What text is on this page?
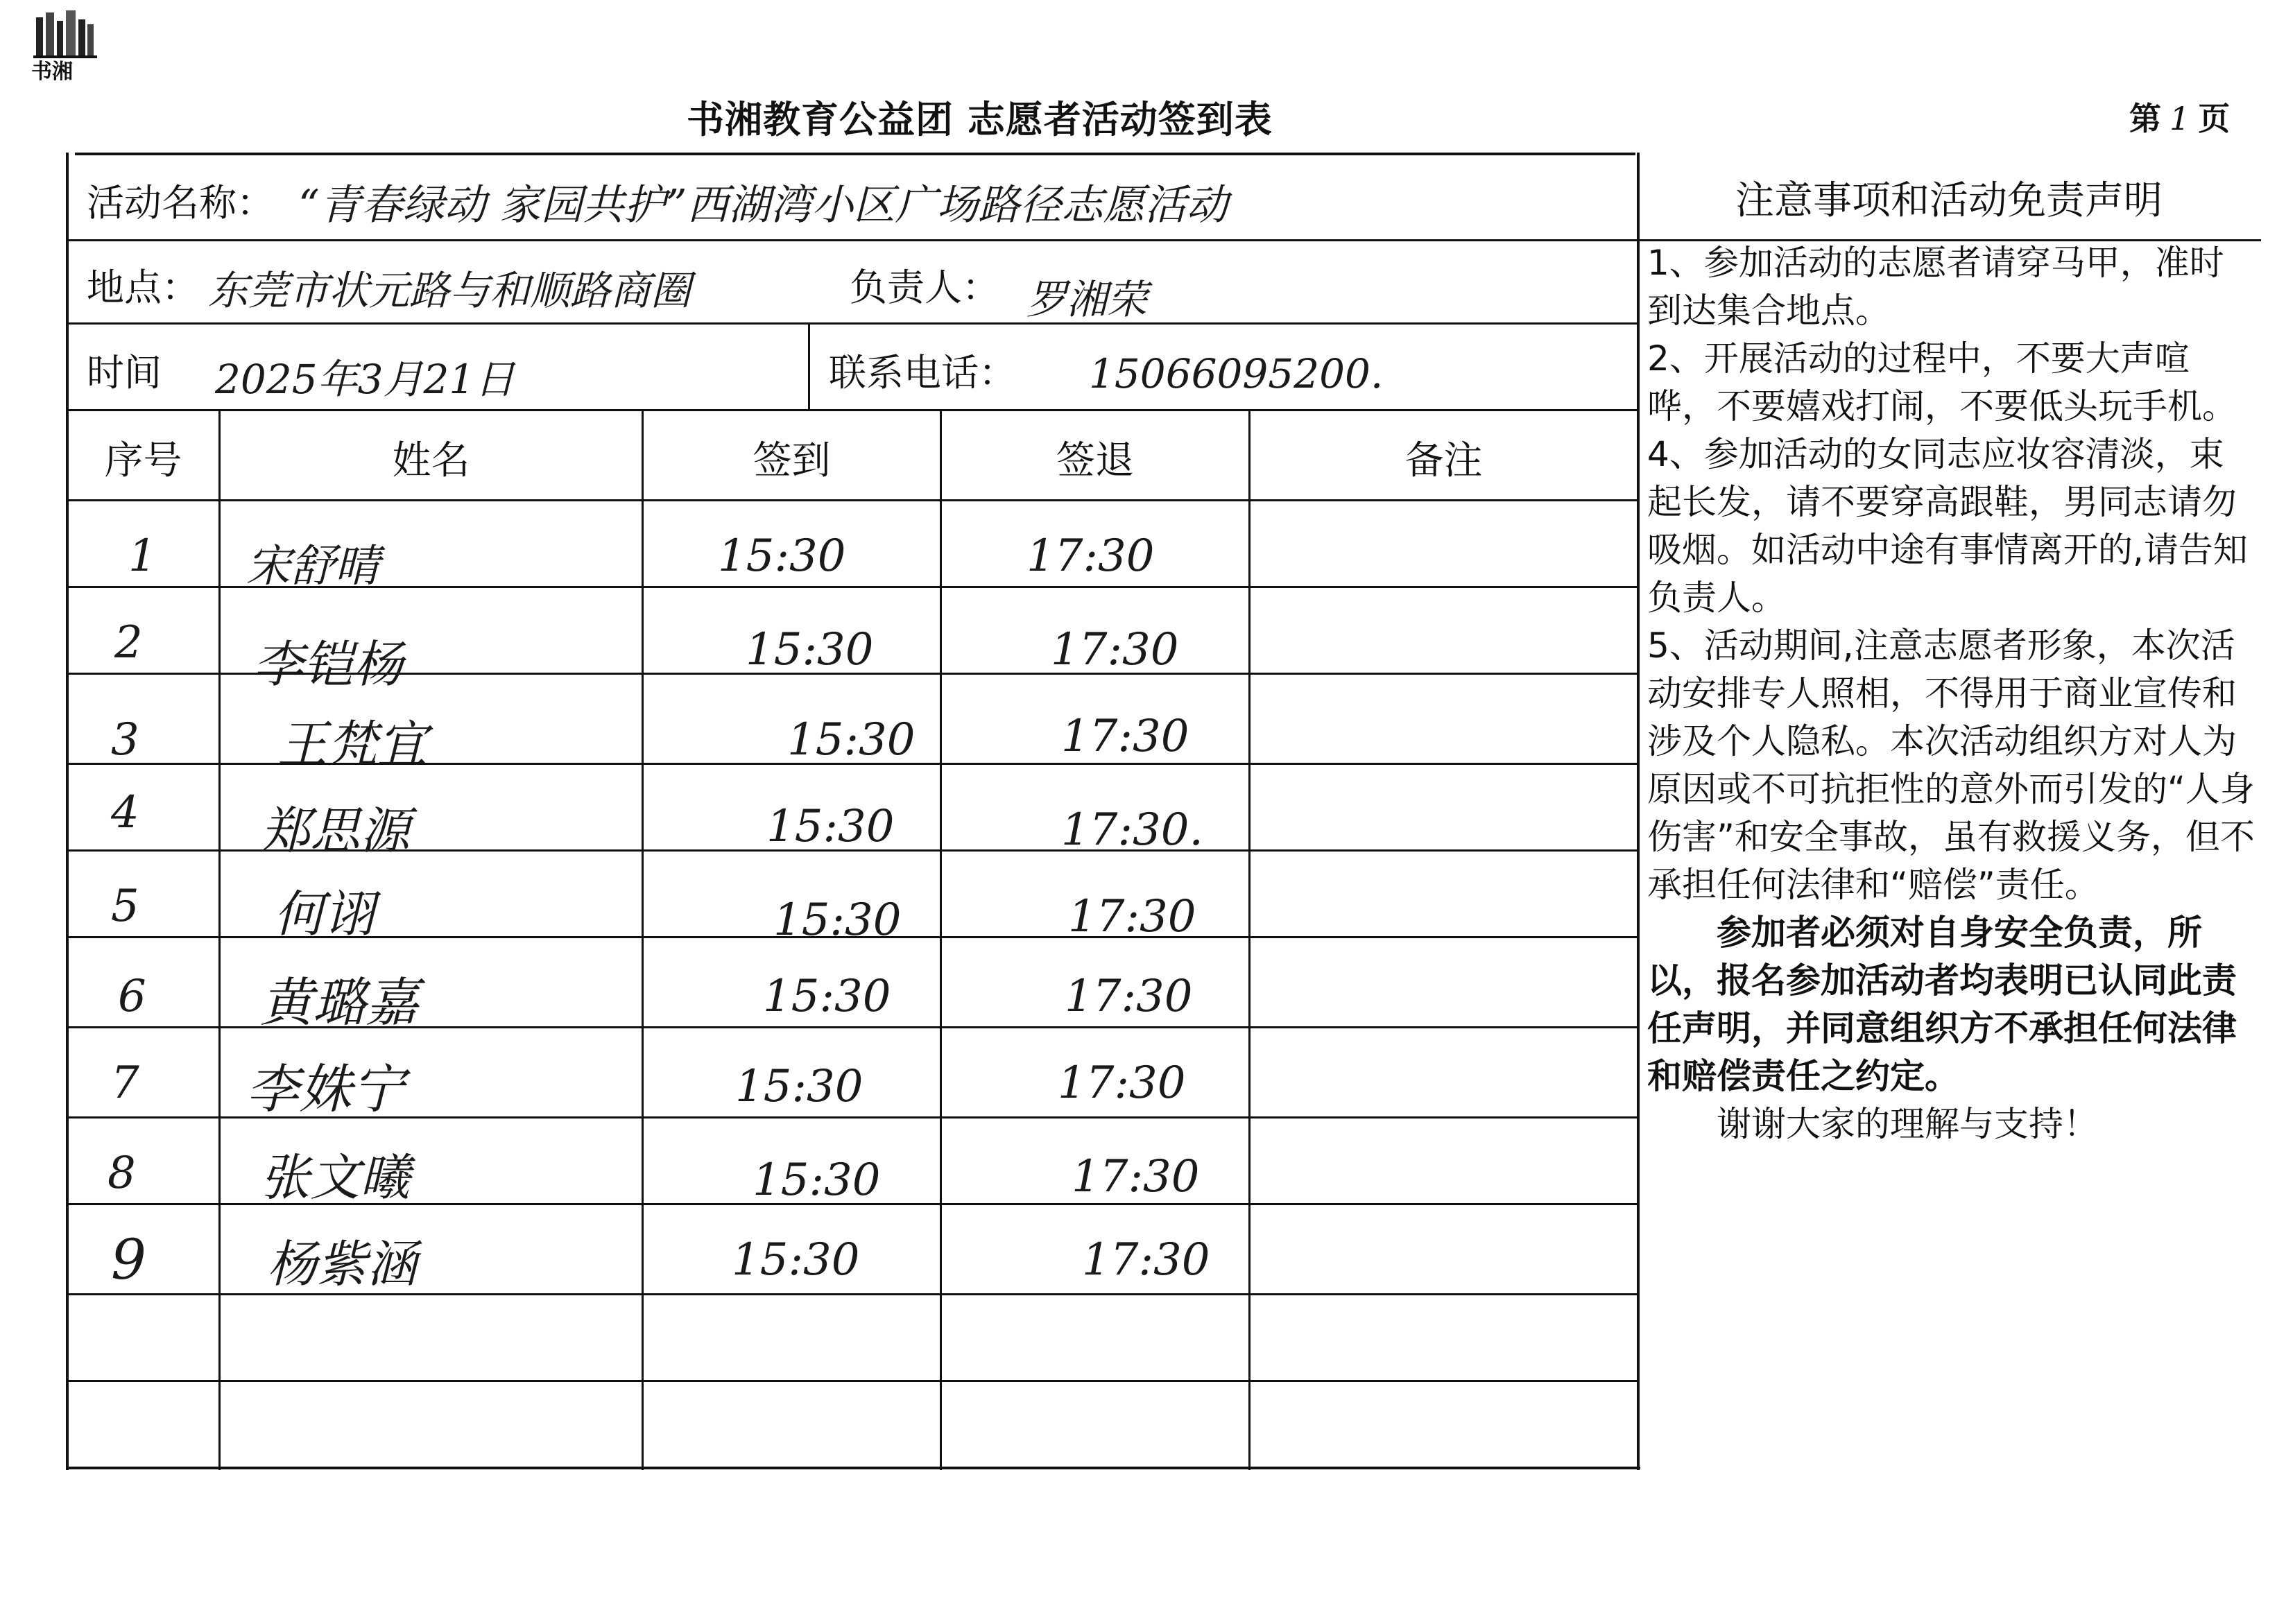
书湘
书湘教育公益团 志愿者活动签到表	第 1 页
活动名称： “青春绿动 家园共护”西湖湾小区广场路径志愿活动
地点： 东莞市状元路与和顺路商圈	负责人： 罗湘荣
时间 2025年3月21日	联系电话： 15066095200.
序号	姓名	签到	签退	备注
1 宋舒晴	15:30	17:30
2 李铠杨	15:30	17:30
3	王梵宜	15:30	17:30
4 郑思源	15:30	17:30.
5	何诩	15:30	17:30
6 黄璐嘉	15:30	17:30
7 李姝宁	15:30	17:30
8 张文曦	15:30	17:30
9 杨紫涵	15:30	17:30
注意事项和活动免责声明

1、参加活动的志愿者请穿马甲，准时到达集合地点。

2、开展活动的过程中，不要大声喧哗，不要嬉戏打闹，不要低头玩手机。

4、参加活动的女同志应妆容清淡，束起长发，请不要穿高跟鞋，男同志请勿吸烟。如活动中途有事情离开的,请告知负责人。

5、活动期间,注意志愿者形象，本次活动安排专人照相，不得用于商业宣传和涉及个人隐私。本次活动组织方对人为原因或不可抗拒性的意外而引发的“人身伤害”和安全事故，虽有救援义务，但不承担任何法律和“赔偿”责任。

参加者必须对自身安全负责，所以，报名参加活动者均表明已认同此责任声明，并同意组织方不承担任何法律和赔偿责任之约定。

谢谢大家的理解与支持！
